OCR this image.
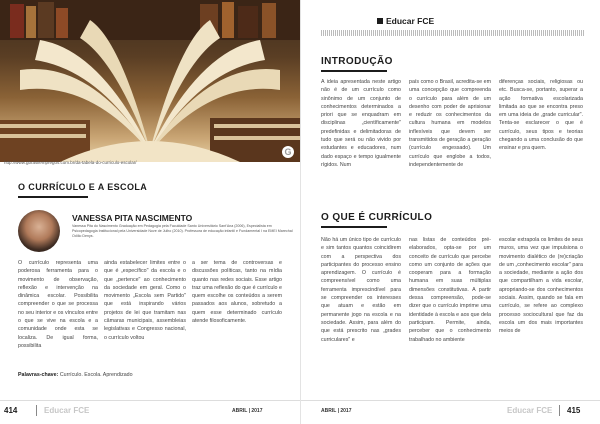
G
http://www.gbrasilempregos.com.br/da-tabela-do-curriculo-escolar/
O CURRÍCULO E A ESCOLA
VANESSA PITA NASCIMENTO
Vanessa Pita do Nascimento Graduação em Pedagogia pela Faculdade Santo Universitário Sant'Ana (2006), Especialista em Psicopedagogia Institucional pela Universidade Nove de Julho (2010). Professora de educação infantil e Fundamental I na EMEI Marechal Odílio Denys.

O currículo representa uma poderosa ferramenta para o movimento de observação, reflexão e intervenção na dinâmica escolar. Possibilita compreender o que se processa no seu interior e os vínculos entre o que se vive na escola e a comunidade onde esta se localiza. De igual forma, possibilita

ainda estabelecer limites entre o que é „específico" da escola e o que „pertence" ao conhecimento da sociedade em geral. Como o movimento „Escola sem Partido" que está inspirando vários projetos de lei que tramitam nas câmaras municipais, assembleias legislativas e Congresso nacional, o currículo voltou

a ser tema de controversas e discussões políticas, tanto na mídia quanto nas redes sociais. Esse artigo traz uma reflexão do que é currículo e quem escolhe os conteúdos a serem passados aos alunos, sobretudo a quem esse determinado currículo atende filosoficamente.

Palavras-chave: Currículo. Escola. Aprendizado
414	Educar FCE	ABRIL | 2017
Educar FCE
INTRODUÇÃO

A ideia apresentada neste artigo não é de um currículo como sinônimo de um conjunto de conhecimentos determinados a priori que se enquadram em disciplinas „científicamente" predefinidas e delimitadoras de tudo que será ou não vivido por estudantes e educadores, num dado espaço e tempo igualmente rígidos. Num

país como o Brasil, acredita-se em uma concepção que compreenda o currículo para além de um desenho com poder de aprisionar e reduzir os conhecimentos da cultura humana em modelos inflexíveis que devem ser transmitidos de geração a geração (currículo engessado). Um currículo que englobe a todos, independentemente de

diferenças sociais, religiosas ou etc. Busca-se, portanto, superar a ação formativa escolarizada limitada ao que se encontra preso em uma ideia de „grade curricular". Tenta-se esclarecer o que é currículo, seus tipos e teorias chegando a uma conclusão do que ensinar e pra quem.

O QUE É CURRÍCULO

Não há um único tipo de currículo e sim tantos quantos coincidirem com a perspectiva dos participantes do processo ensino aprendizagem. O currículo é compreensível como uma ferramenta imprescindível para se compreender os interesses que atuam e estão em permanente jogo na escola e na sociedade. Assim, para além do que está prescrito nas „grades curriculares" e

nas listas de conteúdos pré-elaborados, opta-se por um conceito de currículo que percebe como um conjunto de ações que cooperam para a formação humana em suas múltiplas dimensões constitutivas. A partir dessa compreensão, pode-se dizer que o currículo imprime uma identidade à escola e aos que dela participam. Permite, ainda, perceber que o conhecimento trabalhado no ambiente

escolar extrapola os limites de seus muros, uma vez que impulsiona o movimento dialético de (re)criação de um „conhecimento escolar" para a sociedade, mediante a ação dos que compartilham a vida escolar, apropriando-se dos conhecimentos sociais. Assim, quando se fala em currículo, se refere ao complexo processo sociocultural que faz da escola um dos mais importantes meios de

ABRIL | 2017	Educar FCE 415
